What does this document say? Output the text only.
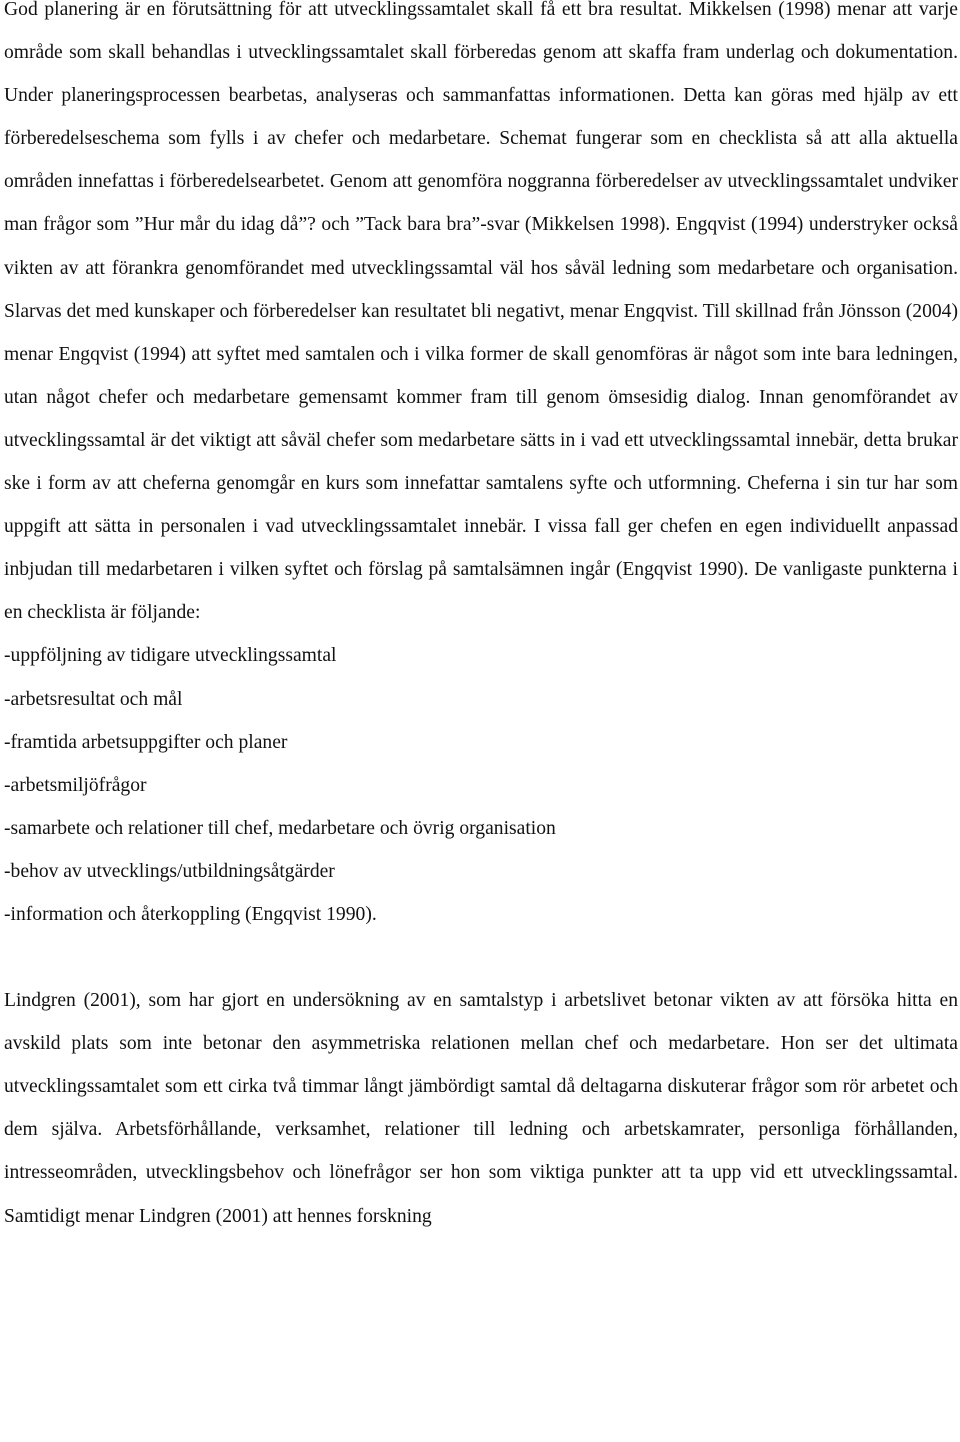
God planering är en förutsättning för att utvecklingssamtalet skall få ett bra resultat. Mikkelsen (1998) menar att varje område som skall behandlas i utvecklingssamtalet skall förberedas genom att skaffa fram underlag och dokumentation. Under planeringsprocessen bearbetas, analyseras och sammanfattas informationen. Detta kan göras med hjälp av ett förberedelseschema som fylls i av chefer och medarbetare. Schemat fungerar som en checklista så att alla aktuella områden innefattas i förberedelsearbetet. Genom att genomföra noggranna förberedelser av utvecklingssamtalet undviker man frågor som ”Hur mår du idag då”? och ”Tack bara bra”-svar (Mikkelsen 1998). Engqvist (1994) understryker också vikten av att förankra genomförandet med utvecklingssamtal väl hos såväl ledning som medarbetare och organisation. Slarvas det med kunskaper och förberedelser kan resultatet bli negativt, menar Engqvist. Till skillnad från Jönsson (2004) menar Engqvist (1994) att syftet med samtalen och i vilka former de skall genomföras är något som inte bara ledningen, utan något chefer och medarbetare gemensamt kommer fram till genom ömsesidig dialog. Innan genomförandet av utvecklingssamtal är det viktigt att såväl chefer som medarbetare sätts in i vad ett utvecklingssamtal innebär, detta brukar ske i form av att cheferna genomgår en kurs som innefattar samtalens syfte och utformning. Cheferna i sin tur har som uppgift att sätta in personalen i vad utvecklingssamtalet innebär. I vissa fall ger chefen en egen individuellt anpassad inbjudan till medarbetaren i vilken syftet och förslag på samtalsämnen ingår (Engqvist 1990). De vanligaste punkterna i en checklista är följande:

-uppföljning av tidigare utvecklingssamtal
-arbetsresultat och mål
-framtida arbetsuppgifter och planer
-arbetsmiljöfrågor
-samarbete och relationer till chef, medarbetare och övrig organisation
-behov av utvecklings/utbildningsåtgärder
-information och återkoppling (Engqvist 1990).

Lindgren (2001), som har gjort en undersökning av en samtalstyp i arbetslivet betonar vikten av att försöka hitta en avskild plats som inte betonar den asymmetriska relationen mellan chef och medarbetare. Hon ser det ultimata utvecklingssamtalet som ett cirka två timmar långt jämbördigt samtal då deltagarna diskuterar frågor som rör arbetet och dem själva. Arbetsförhållande, verksamhet, relationer till ledning och arbetskamrater, personliga förhållanden, intresseområden, utvecklingsbehov och lönefrågor ser hon som viktiga punkter att ta upp vid ett utvecklingssamtal. Samtidigt menar Lindgren (2001) att hennes forskning
